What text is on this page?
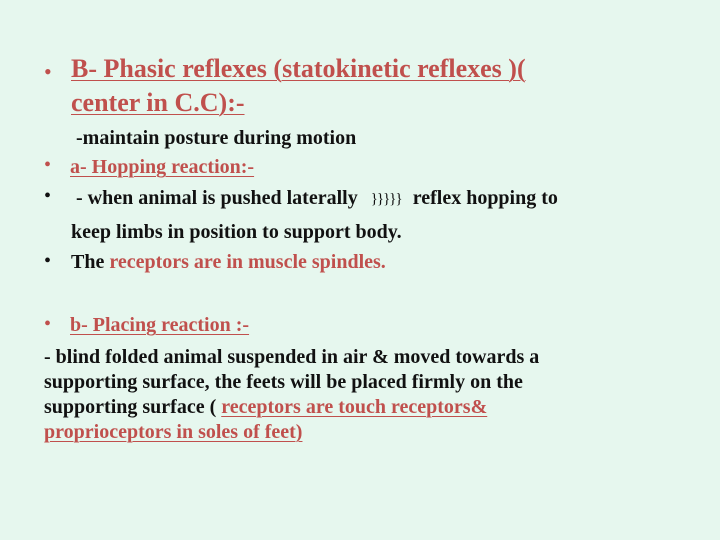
• B- Phasic reflexes (statokinetic reflexes )(
center in C.C):-
-maintain posture during motion
• a- Hopping reaction:-
• - when animal is pushed laterally }}}}} reflex hopping to
keep limbs in position to support body.
• The receptors are in muscle spindles.
• b- Placing reaction :-
- blind folded animal suspended in air & moved towards a
supporting surface, the feets will be placed firmly on the
supporting surface ( receptors are touch receptors&
proprioceptors in soles of feet)
